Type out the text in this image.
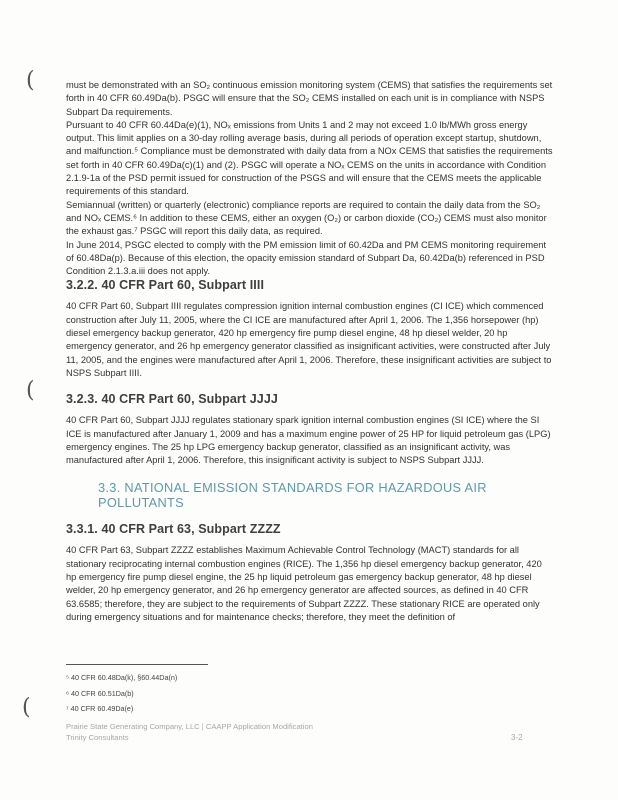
(
(
(

must be demonstrated with an SO₂ continuous emission monitoring system (CEMS) that satisfies the requirements set forth in 40 CFR 60.49Da(b). PSGC will ensure that the SO₂ CEMS installed on each unit is in compliance with NSPS Subpart Da requirements.

Pursuant to 40 CFR 60.44Da(e)(1), NOₓ emissions from Units 1 and 2 may not exceed 1.0 lb/MWh gross energy output. This limit applies on a 30-day rolling average basis, during all periods of operation except startup, shutdown, and malfunction.⁵ Compliance must be demonstrated with daily data from a NOx CEMS that satisfies the requirements set forth in 40 CFR 60.49Da(c)(1) and (2). PSGC will operate a NOₓ CEMS on the units in accordance with Condition 2.1.9-1a of the PSD permit issued for construction of the PSGS and will ensure that the CEMS meets the applicable requirements of this standard.

Semiannual (written) or quarterly (electronic) compliance reports are required to contain the daily data from the SO₂ and NOₓ CEMS.⁶ In addition to these CEMS, either an oxygen (O₂) or carbon dioxide (CO₂) CEMS must also monitor the exhaust gas.⁷ PSGC will report this daily data, as required.

In June 2014, PSGC elected to comply with the PM emission limit of 60.42Da and PM CEMS monitoring requirement of 60.48Da(p). Because of this election, the opacity emission standard of Subpart Da, 60.42Da(b) referenced in PSD Condition 2.1.3.a.iii does not apply.

3.2.2. 40 CFR Part 60, Subpart IIII

40 CFR Part 60, Subpart IIII regulates compression ignition internal combustion engines (CI ICE) which commenced construction after July 11, 2005, where the CI ICE are manufactured after April 1, 2006. The 1,356 horsepower (hp) diesel emergency backup generator, 420 hp emergency fire pump diesel engine, 48 hp diesel welder, 20 hp emergency generator, and 26 hp emergency generator classified as insignificant activities, were constructed after July 11, 2005, and the engines were manufactured after April 1, 2006. Therefore, these insignificant activities are subject to NSPS Subpart IIII.

3.2.3. 40 CFR Part 60, Subpart JJJJ

40 CFR Part 60, Subpart JJJJ regulates stationary spark ignition internal combustion engines (SI ICE) where the SI ICE is manufactured after January 1, 2009 and has a maximum engine power of 25 HP for liquid petroleum gas (LPG) emergency engines. The 25 hp LPG emergency backup generator, classified as an insignificant activity, was manufactured after April 1, 2006. Therefore, this insignificant activity is subject to NSPS Subpart JJJJ.

3.3. NATIONAL EMISSION STANDARDS FOR HAZARDOUS AIR POLLUTANTS
3.3.1. 40 CFR Part 63, Subpart ZZZZ

40 CFR Part 63, Subpart ZZZZ establishes Maximum Achievable Control Technology (MACT) standards for all stationary reciprocating internal combustion engines (RICE). The 1,356 hp diesel emergency backup generator, 420 hp emergency fire pump diesel engine, the 25 hp liquid petroleum gas emergency backup generator, 48 hp diesel welder, 20 hp emergency generator, and 26 hp emergency generator are affected sources, as defined in 40 CFR 63.6585; therefore, they are subject to the requirements of Subpart ZZZZ. These stationary RICE are operated only during emergency situations and for maintenance checks; therefore, they meet the definition of

⁵ 40 CFR 60.48Da(k), §60.44Da(n)
⁶ 40 CFR 60.51Da(b)
⁷ 40 CFR 60.49Da(e)
Prairie State Generating Company, LLC | CAAPP Application Modification
Trinity Consultants	3-2
